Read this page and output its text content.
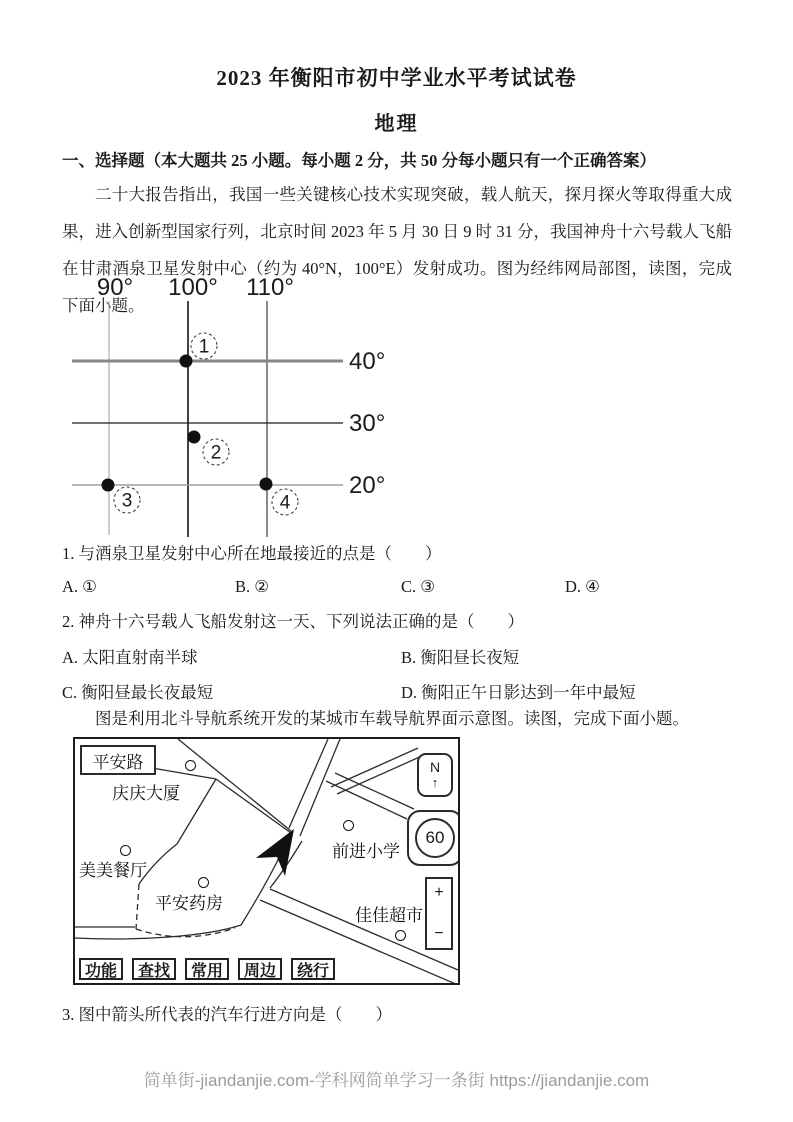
2023 年衡阳市初中学业水平考试试卷
地理
一、选择题（本大题共 25 小题。每小题 2 分，共 50 分每小题只有一个正确答案）
二十大报告指出，我国一些关键核心技术实现突破，载人航天，探月探火等取得重大成果，进入创新型国家行列，北京时间 2023 年 5 月 30 日 9 时 31 分，我国神舟十六号载人飞船在甘肃酒泉卫星发射中心（约为 40°N，100°E）发射成功。图为经纬网局部图，读图，完成下面小题。
90° 100° 110°
40°
30°
20°
1
2
3	4
1. 与酒泉卫星发射中心所在地最接近的点是（　　）
A. ①	B. ②	C. ③	D. ④
2. 神舟十六号载人飞船发射这一天、下列说法正确的是（　　）
A. 太阳直射南半球	B. 衡阳昼长夜短
C. 衡阳昼最长夜最短	D. 衡阳正午日影达到一年中最短
图是利用北斗导航系统开发的某城市车载导航界面示意图。读图，完成下面小题。
平安路
庆庆大厦
美美餐厅
平安药房
前进小学
佳佳超市
N
↑
60
+
−
功能	查找	常用	周边	绕行
3. 图中箭头所代表的汽车行进方向是（　　）
简单街-jiandanjie.com-学科网简单学习一条街 https://jiandanjie.com
